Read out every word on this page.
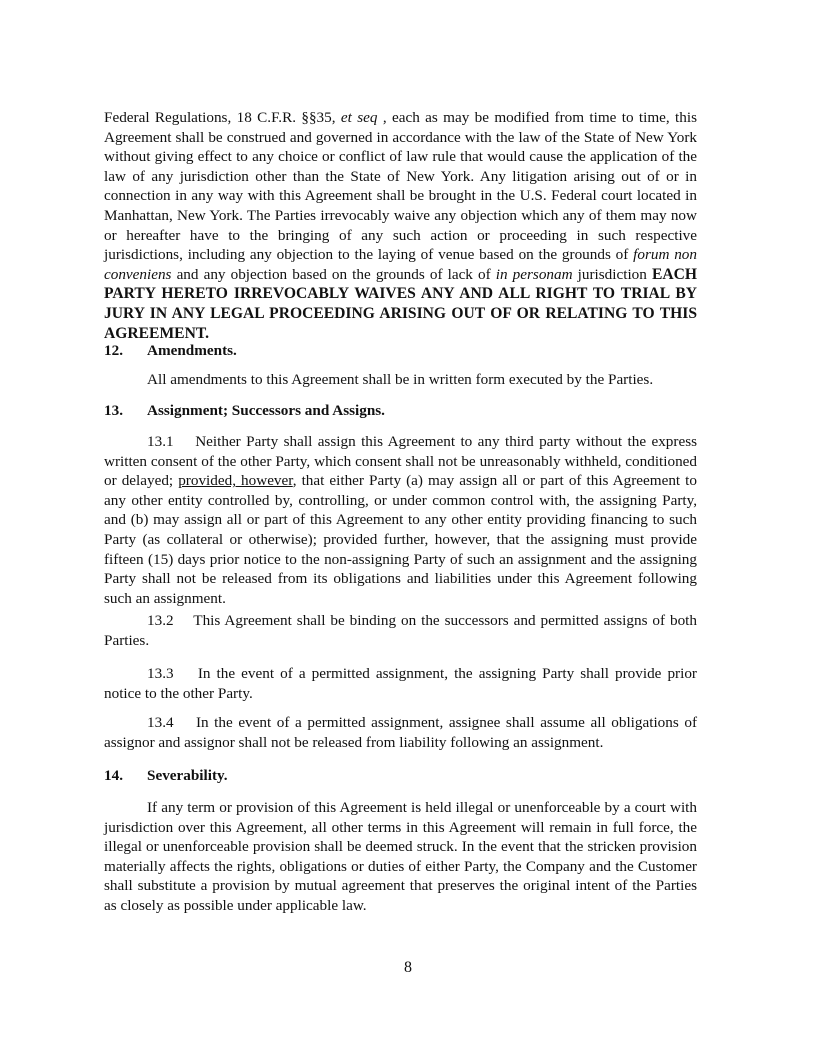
Federal Regulations, 18 C.F.R. §§35, et seq , each as may be modified from time to time, this Agreement shall be construed and governed in accordance with the law of the State of New York without giving effect to any choice or conflict of law rule that would cause the application of the law of any jurisdiction other than the State of New York. Any litigation arising out of or in connection in any way with this Agreement shall be brought in the U.S. Federal court located in Manhattan, New York. The Parties irrevocably waive any objection which any of them may now or hereafter have to the bringing of any such action or proceeding in such respective jurisdictions, including any objection to the laying of venue based on the grounds of forum non conveniens and any objection based on the grounds of lack of in personam jurisdiction EACH PARTY HERETO IRREVOCABLY WAIVES ANY AND ALL RIGHT TO TRIAL BY JURY IN ANY LEGAL PROCEEDING ARISING OUT OF OR RELATING TO THIS AGREEMENT.

12. Amendments.

All amendments to this Agreement shall be in written form executed by the Parties.

13. Assignment; Successors and Assigns.

13.1 Neither Party shall assign this Agreement to any third party without the express written consent of the other Party, which consent shall not be unreasonably withheld, conditioned or delayed; provided, however, that either Party (a) may assign all or part of this Agreement to any other entity controlled by, controlling, or under common control with, the assigning Party, and (b) may assign all or part of this Agreement to any other entity providing financing to such Party (as collateral or otherwise); provided further, however, that the assigning must provide fifteen (15) days prior notice to the non-assigning Party of such an assignment and the assigning Party shall not be released from its obligations and liabilities under this Agreement following such an assignment.

13.2 This Agreement shall be binding on the successors and permitted assigns of both Parties.

13.3 In the event of a permitted assignment, the assigning Party shall provide prior notice to the other Party.

13.4 In the event of a permitted assignment, assignee shall assume all obligations of assignor and assignor shall not be released from liability following an assignment.

14. Severability.

If any term or provision of this Agreement is held illegal or unenforceable by a court with jurisdiction over this Agreement, all other terms in this Agreement will remain in full force, the illegal or unenforceable provision shall be deemed struck. In the event that the stricken provision materially affects the rights, obligations or duties of either Party, the Company and the Customer shall substitute a provision by mutual agreement that preserves the original intent of the Parties as closely as possible under applicable law.

8
